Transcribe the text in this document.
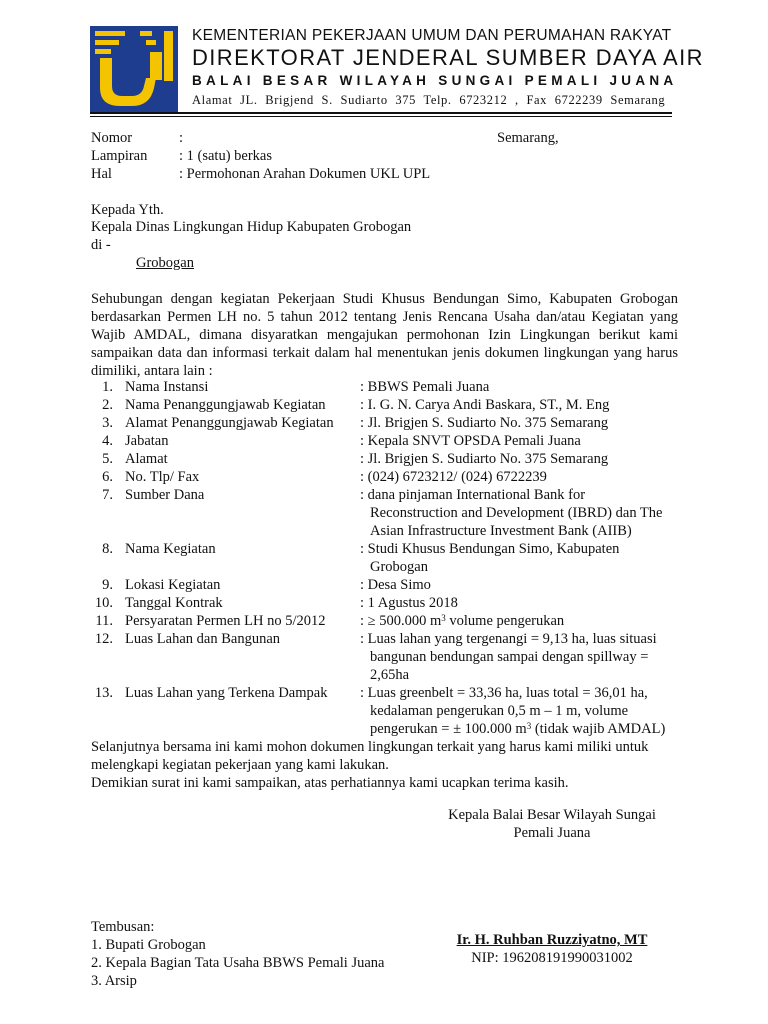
KEMENTERIAN PEKERJAAN UMUM DAN PERUMAHAN RAKYAT
DIREKTORAT JENDERAL SUMBER DAYA AIR
BALAI BESAR WILAYAH SUNGAI PEMALI JUANA
Alamat JL. Brigjend S. Sudiarto 375 Telp. 6723212 , Fax 6722239 Semarang
Nomor	:	Semarang,
Lampiran : 1 (satu) berkas
Hal	: Permohonan Arahan Dokumen UKL UPL
Kepada Yth.
Kepala Dinas Lingkungan Hidup Kabupaten Grobogan
di -
Grobogan
Sehubungan dengan kegiatan Pekerjaan Studi Khusus Bendungan Simo, Kabupaten Grobogan berdasarkan Permen LH no. 5 tahun 2012 tentang Jenis Rencana Usaha dan/atau Kegiatan yang Wajib AMDAL, dimana disyaratkan mengajukan permohonan Izin Lingkungan berikut kami sampaikan data dan informasi terkait dalam hal menentukan jenis dokumen lingkungan yang harus dimiliki, antara lain :
1. Nama Instansi	: BBWS Pemali Juana
2. Nama Penanggungjawab Kegiatan : I. G. N. Carya Andi Baskara, ST., M. Eng
3. Alamat Penanggungjawab Kegiatan : Jl. Brigjen S. Sudiarto No. 375 Semarang
4. Jabatan	: Kepala SNVT OPSDA Pemali Juana
5. Alamat	: Jl. Brigjen S. Sudiarto No. 375 Semarang
6. No. Tlp/ Fax	: (024) 6723212/ (024) 6722239
7. Sumber Dana	: dana pinjaman International Bank for
Reconstruction and Development (IBRD) dan The
Asian Infrastructure Investment Bank (AIIB)
8. Nama Kegiatan	: Studi Khusus Bendungan Simo, Kabupaten
Grobogan
9. Lokasi Kegiatan	: Desa Simo
10. Tanggal Kontrak	: 1 Agustus 2018
11. Persyaratan Permen LH no 5/2012 : ≥ 500.000 $m^3$ volume pengerukan
12. Luas Lahan dan Bangunan	: Luas lahan yang tergenangi = 9,13 ha, luas situasi
bangunan bendungan sampai dengan spillway =
2,65ha
13. Luas Lahan yang Terkena Dampak : Luas greenbelt = 33,36 ha, luas total = 36,01 ha,
kedalaman pengerukan 0,5 m – 1 m, volume
pengerukan = ± 100.000 $m^3$ (tidak wajib AMDAL)
Selanjutnya bersama ini kami mohon dokumen lingkungan terkait yang harus kami miliki untuk melengkapi kegiatan pekerjaan yang kami lakukan.
Demikian surat ini kami sampaikan, atas perhatiannya kami ucapkan terima kasih.
Kepala Balai Besar Wilayah Sungai
Pemali Juana
Ir. H. Ruhban Ruzziyatno, MT
NIP: 196208191990031002
Tembusan:
1. Bupati Grobogan
2. Kepala Bagian Tata Usaha BBWS Pemali Juana
3. Arsip
